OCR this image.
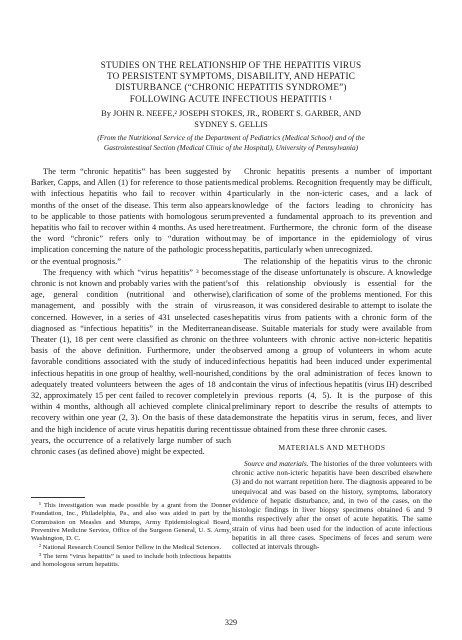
STUDIES ON THE RELATIONSHIP OF THE HEPATITIS VIRUS
TO PERSISTENT SYMPTOMS, DISABILITY, AND HEPATIC
DISTURBANCE (“CHRONIC HEPATITIS SYNDROME”)
FOLLOWING ACUTE INFECTIOUS HEPATITIS ¹
By JOHN R. NEEFE,² JOSEPH STOKES, JR., ROBERT S. GARBER, AND
SYDNEY S. GELLIS
(From the Nutritional Service of the Department of Pediatrics (Medical School) and of the
Gastrointestinal Section (Medical Clinic of the Hospital), University of Pennsylvania)

The term “chronic hepatitis” has been suggested by Barker, Capps, and Allen (1) for reference to those patients with infectious hepatitis who fail to recover within 4 months of the onset of the disease. This term also appears to be applicable to those patients with homologous serum hepatitis who fail to recover within 4 months. As used here the word “chronic” refers only to “duration without implication concerning the nature of the pathologic process or the eventual prognosis.”

The frequency with which “virus hepatitis” ³ becomes chronic is not known and probably varies with the patient’s age, general condition (nutritional and otherwise), management, and possibly with the strain of virus concerned. However, in a series of 431 unselected cases diagnosed as “infectious hepatitis” in the Mediterranean Theater (1), 18 per cent were classified as chronic on the basis of the above definition. Furthermore, under the favorable conditions associated with the study of induced infectious hepatitis in one group of healthy, well-nourished, adequately treated volunteers between the ages of 18 and 32, approximately 15 per cent failed to recover completely within 4 months, although all achieved complete clinical recovery within one year (2, 3). On the basis of these data and the high incidence of acute virus hepatitis during recent years, the occurrence of a relatively large number of such chronic cases (as defined above) might be expected.

¹ This investigation was made possible by a grant from the Donner Foundation, Inc., Philadelphia, Pa., and also was aided in part by the Commission on Measles and Mumps, Army Epidemiological Board, Preventive Medicine Service, Office of the Surgeon General, U. S. Army, Washington, D. C.

² National Research Council Senior Fellow in the Medical Sciences.

³ The term “virus hepatitis” is used to include both infectious hepatitis and homologous serum hepatitis.

Chronic hepatitis presents a number of important medical problems. Recognition frequently may be difficult, particularly in the non-icteric cases, and a lack of knowledge of the factors leading to chronicity has prevented a fundamental approach to its prevention and treatment. Furthermore, the chronic form of the disease may be of importance in the epidemiology of virus hepatitis, particularly when unrecognized.

The relationship of the hepatitis virus to the chronic stage of the disease unfortunately is obscure. A knowledge of this relationship obviously is essential for the clarification of some of the problems mentioned. For this reason, it was considered desirable to attempt to isolate the hepatitis virus from patients with a chronic form of the disease. Suitable materials for study were available from three volunteers with chronic active non-icteric hepatitis observed among a group of volunteers in whom acute infectious hepatitis had been induced under experimental conditions by the oral administration of feces known to contain the virus of infectious hepatitis (virus IH) described in previous reports (4, 5). It is the purpose of this preliminary report to describe the results of attempts to demonstrate the hepatitis virus in serum, feces, and liver tissue obtained from these three chronic cases.

MATERIALS AND METHODS

Source and materials. The histories of the three volunteers with chronic active non-icteric hepatitis have been described elsewhere (3) and do not warrant repetition here. The diagnosis appeared to be unequivocal and was based on the history, symptoms, laboratory evidence of hepatic disturbance, and, in two of the cases, on the histologic findings in liver biopsy specimens obtained 6 and 9 months respectively after the onset of acute hepatitis. The same strain of virus had been used for the induction of acute infectious hepatitis in all three cases. Specimens of feces and serum were collected at intervals through-

329
